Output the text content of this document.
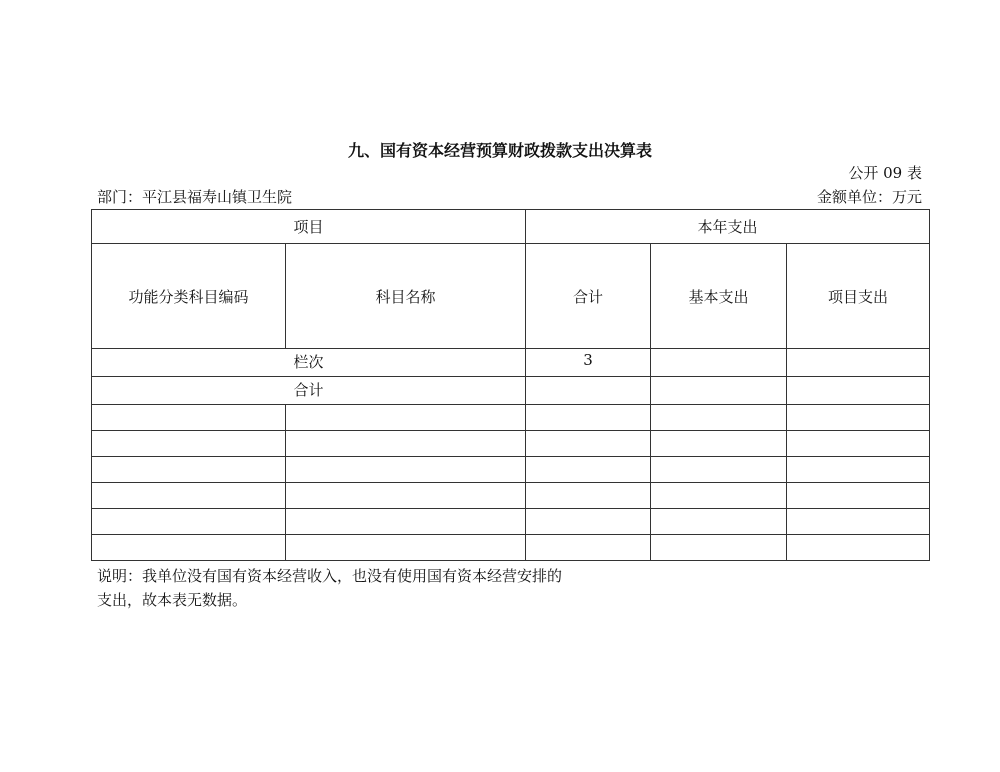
九、国有资本经营预算财政拨款支出决算表
公开 09 表
部门：平江县福寿山镇卫生院	金额单位：万元
项目		本年支出		
功能分类科目编码	科目名称	合计	基本支出	项目支出
栏次		3		
合计				

说明：我单位没有国有资本经营收入，也没有使用国有资本经营安排的
支出，故本表无数据。
